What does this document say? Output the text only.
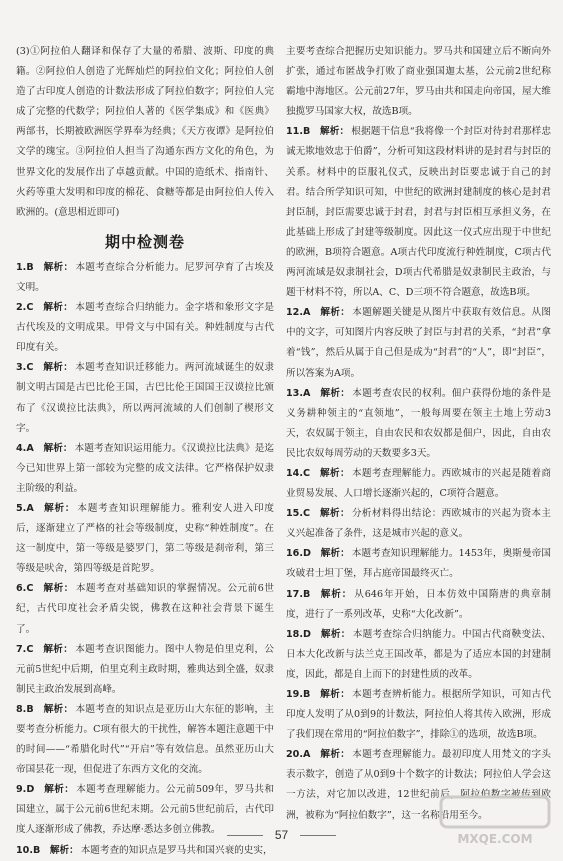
(3)①阿拉伯人翻译和保存了大量的希腊、波斯、印度的典籍。②阿拉伯人创造了光辉灿烂的阿拉伯文化；阿拉伯人创造了古印度人创造的计数法形成了阿拉伯数字；阿拉伯人完成了完整的代数学；阿拉伯人著的《医学集成》和《医典》两部书，长期被欧洲医学界奉为经典；《天方夜谭》是阿拉伯文学的瑰宝。③阿拉伯人担当了沟通东西方文化的角色，为世界文化的发展作出了卓越贡献。中国的造纸术、指南针、火药等重大发明和印度的棉花、食糖等都是由阿拉伯人传入欧洲的。(意思相近即可)

期中检测卷

1.B  解析： 本题考查综合分析能力。尼罗河孕育了古埃及文明。

2.C  解析： 本题考查综合归纳能力。金字塔和象形文字是古代埃及的文明成果。甲骨文与中国有关。种姓制度与古代印度有关。

3.C  解析： 本题考查知识迁移能力。两河流域诞生的奴隶制文明古国是古巴比伦王国，古巴比伦王国国王汉谟拉比颁布了《汉谟拉比法典》，所以两河流域的人们创制了楔形文字。

4.A  解析： 本题考查知识运用能力。《汉谟拉比法典》是迄今已知世界上第一部较为完整的成文法律。它严格保护奴隶主阶级的利益。

5.A  解析： 本题考查知识理解能力。雅利安人进入印度后，逐渐建立了严格的社会等级制度，史称“种姓制度”。在这一制度中，第一等级是婆罗门，第二等级是刹帝利，第三等级是吠舍，第四等级是首陀罗。

6.C  解析： 本题考查对基础知识的掌握情况。公元前6世纪，古代印度社会矛盾尖锐，佛教在这种社会背景下诞生了。

7.C  解析： 本题考查识图能力。图中人物是伯里克利，公元前5世纪中后期，伯里克利主政时期，雅典达到全盛，奴隶制民主政治发展到高峰。

8.B  解析： 本题考查的知识点是亚历山大东征的影响，主要考查分析能力。C项有很大的干扰性，解答本题注意题干中的时间——“希腊化时代”“开启”等有效信息。虽然亚历山大帝国昙花一现，但促进了东西方文化的交流。

9.D  解析： 本题考查理解能力。公元前509年，罗马共和国建立，属于公元前6世纪末期。公元前5世纪前后，古代印度人逐渐形成了佛教，乔达摩·悉达多创立佛教。

10.B  解析： 本题考查的知识点是罗马共和国兴衰的史实，

主要考查综合把握历史知识能力。罗马共和国建立后不断向外扩张，通过布匿战争打败了商业强国迦太基，公元前2世纪称霸地中海地区。公元前27年，罗马由共和国走向帝国，屋大维独揽罗马国家大权，故选B项。

11.B  解析： 根据题干信息“我将像一个封臣对待封君那样忠诚无欺地效忠于伯爵”，分析可知这段材料讲的是封君与封臣的关系。材料中的臣服礼仪式，反映出封臣要忠诚于自己的封君。结合所学知识可知，中世纪的欧洲封建制度的核心是封君封臣制，封臣需要忠诚于封君，封君与封臣相互承担义务，在此基础上形成了封建等级制度。因此这一仪式应出现于中世纪的欧洲，B项符合题意。A项古代印度流行种姓制度，C项古代两河流域是奴隶制社会，D项古代希腊是奴隶制民主政治，与题干材料不符，所以A、C、D三项不符合题意，故选B项。

12.A  解析： 本题解题关键是从图片中获取有效信息。从图中的文字，可知图片内容反映了封臣与封君的关系，“封君”拿着“钱”，然后从属于自己但是成为“封君”的“人”，即“封臣”，所以答案为A项。

13.A  解析： 本题考查农民的权利。佃户获得份地的条件是义务耕种领主的“直领地”，一般每周要在领主土地上劳动3天，农奴属于领主，自由农民和农奴都是佃户，因此，自由农民比农奴每周劳动的天数要多3天。

14.C  解析： 本题考查理解能力。西欧城市的兴起是随着商业贸易发展、人口增长逐渐兴起的，C项符合题意。

15.C  解析： 分析材料得出结论：西欧城市的兴起为资本主义兴起准备了条件，这是城市兴起的意义。

16.D  解析： 本题考查知识理解能力。1453年，奥斯曼帝国攻破君士坦丁堡，拜占庭帝国最终灭亡。

17.B  解析： 从646年开始，日本仿效中国隋唐的典章制度，进行了一系列改革，史称“大化改新”。

18.D  解析： 本题考查综合归纳能力。中国古代商鞅变法、日本大化改新与法兰克王国改革，都是为了适应本国的封建制度，因此，都是自上而下的封建性质的改革。

19.B  解析： 本题考查辨析能力。根据所学知识，可知古代印度人发明了从0到9的计数法，阿拉伯人将其传入欧洲，形成了我们现在常用的“阿拉伯数字”，排除①的选项，故选B项。

20.A  解析： 本题考查理解能力。最初印度人用梵文的字头表示数字，创造了从0到9十个数字的计数法；阿拉伯人学会这一方法，对它加以改进，12世纪前后，阿拉伯数字被传到欧洲，被称为“阿拉伯数字”，这一名称沿用至今。

57	MXQE.COM
